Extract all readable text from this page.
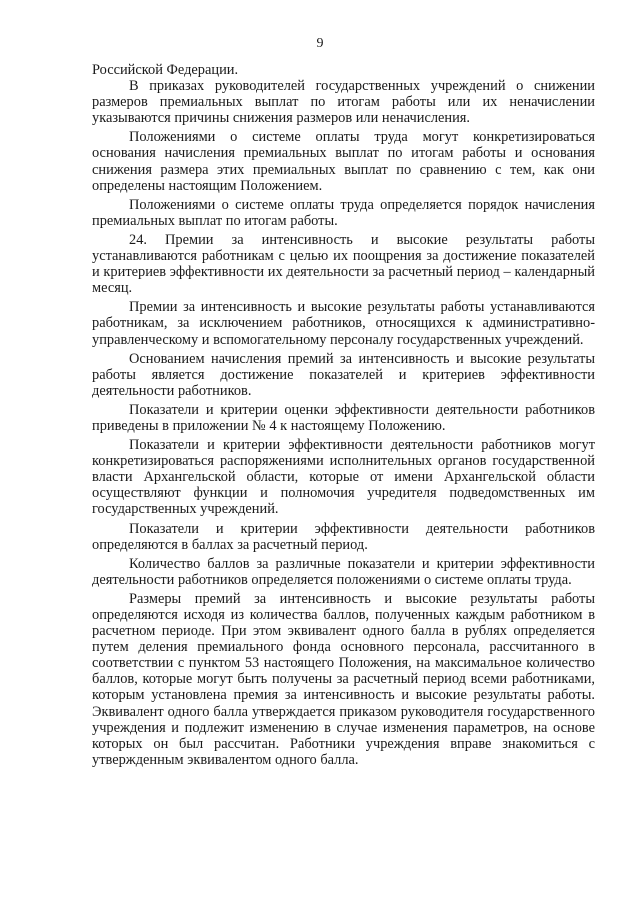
9

Российской Федерации.

В приказах руководителей государственных учреждений о снижении размеров премиальных выплат по итогам работы или их неначислении указываются причины снижения размеров или неначисления.

Положениями о системе оплаты труда могут конкретизироваться основания начисления премиальных выплат по итогам работы и основания снижения размера этих премиальных выплат по сравнению с тем, как они определены настоящим Положением.

Положениями о системе оплаты труда определяется порядок начисления премиальных выплат по итогам работы.

24. Премии за интенсивность и высокие результаты работы устанавливаются работникам с целью их поощрения за достижение показателей и критериев эффективности их деятельности за расчетный период – календарный месяц.

Премии за интенсивность и высокие результаты работы устанавливаются работникам, за исключением работников, относящихся к административно-управленческому и вспомогательному персоналу государственных учреждений.

Основанием начисления премий за интенсивность и высокие результаты работы является достижение показателей и критериев эффективности деятельности работников.

Показатели и критерии оценки эффективности деятельности работников приведены в приложении № 4 к настоящему Положению.

Показатели и критерии эффективности деятельности работников могут конкретизироваться распоряжениями исполнительных органов государственной власти Архангельской области, которые от имени Архангельской области осуществляют функции и полномочия учредителя подведомственных им государственных учреждений.

Показатели и критерии эффективности деятельности работников определяются в баллах за расчетный период.

Количество баллов за различные показатели и критерии эффективности деятельности работников определяется положениями о системе оплаты труда.

Размеры премий за интенсивность и высокие результаты работы определяются исходя из количества баллов, полученных каждым работником в расчетном периоде. При этом эквивалент одного балла в рублях определяется путем деления премиального фонда основного персонала, рассчитанного в соответствии с пунктом 53 настоящего Положения, на максимальное количество баллов, которые могут быть получены за расчетный период всеми работниками, которым установлена премия за интенсивность и высокие результаты работы. Эквивалент одного балла утверждается приказом руководителя государственного учреждения и подлежит изменению в случае изменения параметров, на основе которых он был рассчитан. Работники учреждения вправе знакомиться с утвержденным эквивалентом одного балла.
